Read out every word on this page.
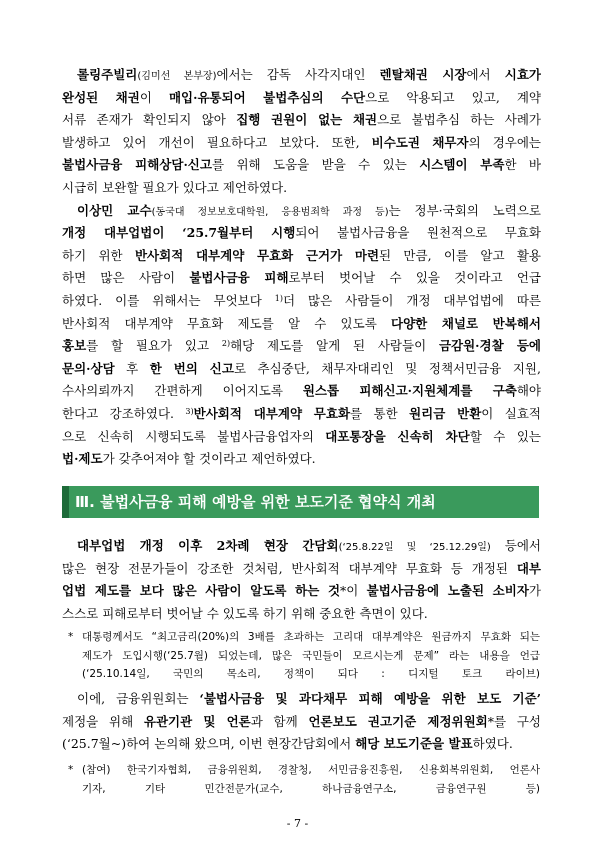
롤링주빌리(김미선 본부장)에서는 감독 사각지대인 렌탈채권 시장에서 시효가
완성된 채권이 매입·유통되어 불법추심의 수단으로 악용되고 있고, 계약
서류 존재가 확인되지 않아 집행 권원이 없는 채권으로 불법추심 하는 사례가
발생하고 있어 개선이 필요하다고 보았다. 또한, 비수도권 채무자의 경우에는
불법사금융 피해상담·신고를 위해 도움을 받을 수 있는 시스템이 부족한 바
시급히 보완할 필요가 있다고 제언하였다.
이상민 교수(동국대 정보보호대학원, 응용범죄학 과정 등)는 정부·국회의 노력으로
개정 대부업법이 ‘25.7월부터 시행되어 불법사금융을 원천적으로 무효화
하기 위한 반사회적 대부계약 무효화 근거가 마련된 만큼, 이를 알고 활용
하면 많은 사람이 불법사금융 피해로부터 벗어날 수 있을 것이라고 언급
하였다. 이를 위해서는 무엇보다 $^{1)}$더 많은 사람들이 개정 대부업법에 따른
반사회적 대부계약 무효화 제도를 알 수 있도록 다양한 채널로 반복해서
홍보를 할 필요가 있고 $^{2)}$해당 제도를 알게 된 사람들이 금감원·경찰 등에
문의·상담 후 한 번의 신고로 추심중단, 채무자대리인 및 정책서민금융 지원,
수사의뢰까지 간편하게 이어지도록 원스톱 피해신고·지원체계를 구축해야
한다고 강조하였다. $^{3)}$반사회적 대부계약 무효화를 통한 원리금 반환이 실효적
으로 신속히 시행되도록 불법사금융업자의 대포통장을 신속히 차단할 수 있는
법·제도가 갖추어져야 할 것이라고 제언하였다.
Ⅲ. 불법사금융 피해 예방을 위한 보도기준 협약식 개최
대부업법 개정 이후 2차례 현장 간담회(‘25.8.22일 및 ‘25.12.29일) 등에서
많은 현장 전문가들이 강조한 것처럼, 반사회적 대부계약 무효화 등 개정된 대부
업법 제도를 보다 많은 사람이 알도록 하는 것*이 불법사금융에 노출된 소비자가
스스로 피해로부터 벗어날 수 있도록 하기 위해 중요한 측면이 있다.
* 대통령께서도 “최고금리(20%)의 3배를 초과하는 고리대 대부계약은 원금까지 무효화 되는
제도가 도입시행(‘25.7월) 되었는데, 많은 국민들이 모르시는게 문제” 라는 내용을 언급
(‘25.10.14일, 국민의 목소리, 정책이 되다 : 디지털 토크 라이브)
이에, 금융위원회는 ‘불법사금융 및 과다채무 피해 예방을 위한 보도 기준’
제정을 위해 유관기관 및 언론과 함께 언론보도 권고기준 제정위원회*를 구성
(‘25.7월~)하여 논의해 왔으며, 이번 현장간담회에서 해당 보도기준을 발표하였다.
* (참여) 한국기자협회, 금융위원회, 경찰청, 서민금융진흥원, 신용회복위원회, 언론사
기자, 기타 민간전문가(교수, 하나금융연구소, 금융연구원 등)
- 7 -
